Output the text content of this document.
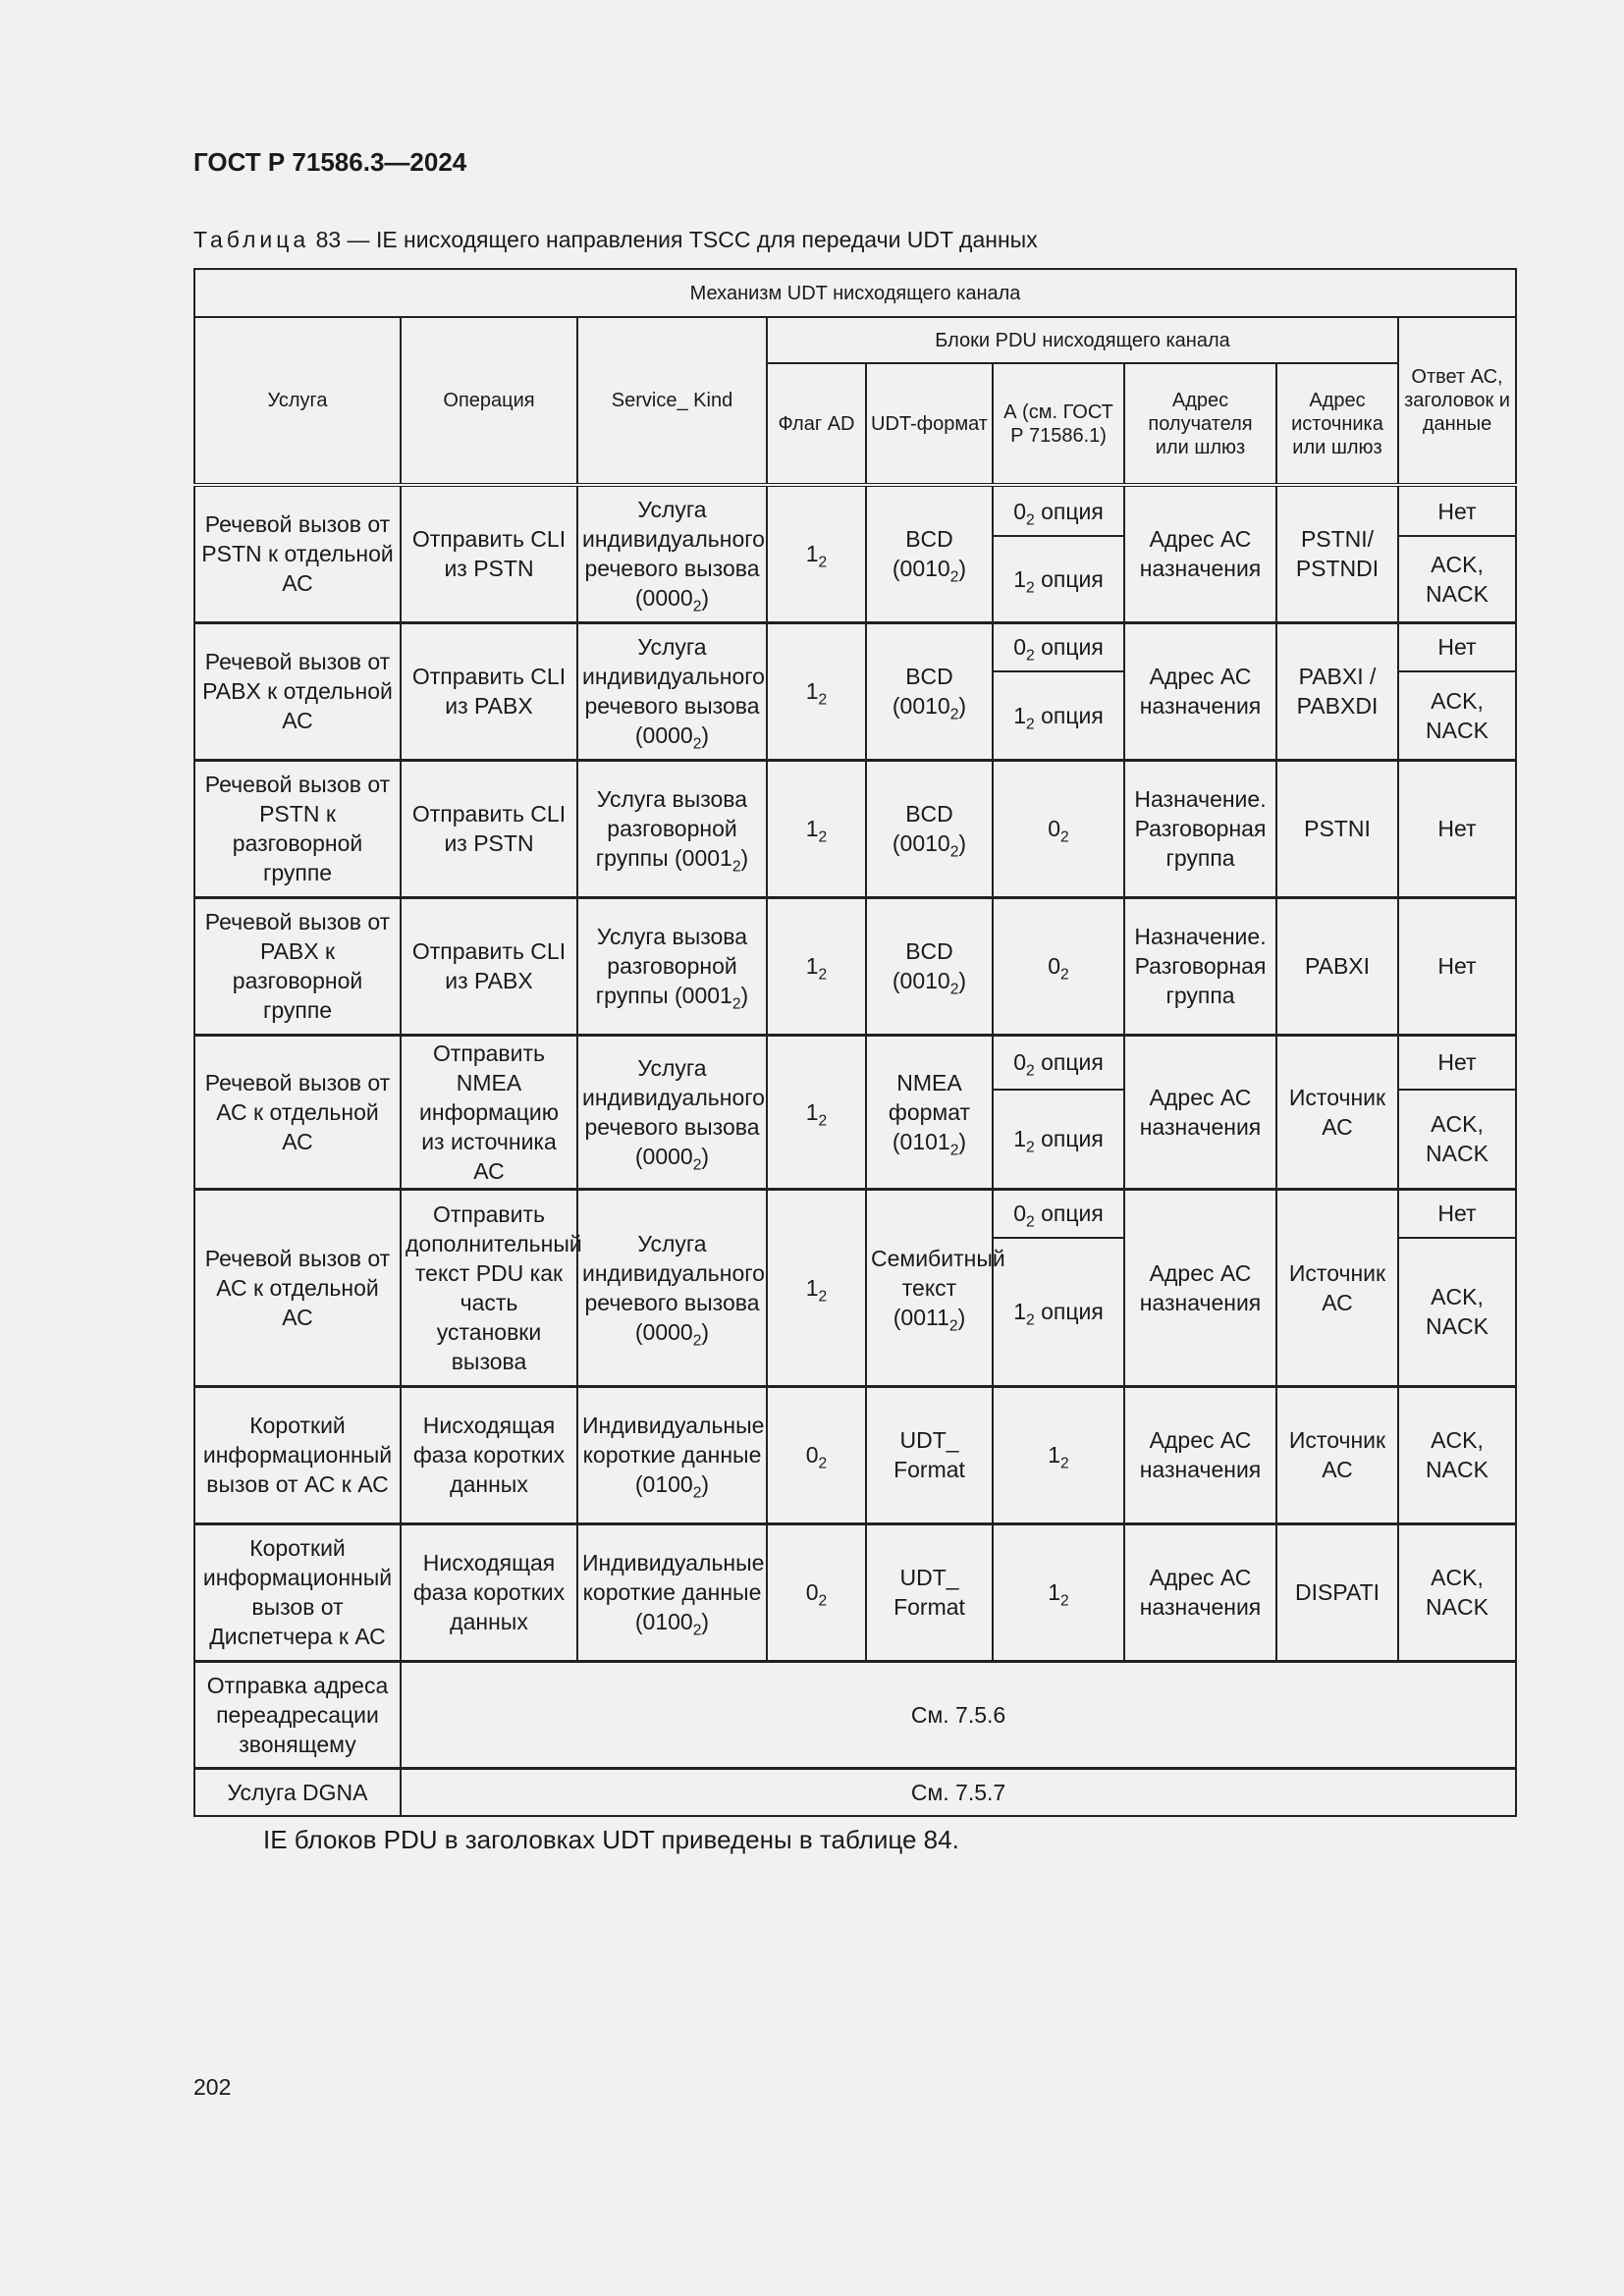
ГОСТ Р 71586.3—2024
Таблица 83 — IE нисходящего направления TSCC для передачи UDT данных
Механизм UDT нисходящего канала								
Услуга	Операция	Service_ Kind	Блоки PDU нисходящего канала					Ответ АС, заголовок и данные
			Флаг AD	UDT-формат	А (см. ГОСТ Р 71586.1)	Адрес получателя или шлюз	Адрес источника или шлюз	
Речевой вызов от PSTN к отдельной АС	Отправить CLI из PSTN	Услуга индивидуального речевого вызова $(0000_2)$	$1_2$	BCD $(0010_2)$	$0_2$ опция	Адрес АС назначения	PSTNI/ PSTNDI	Нет
					$1_2$ опция			ACK, NACK
Речевой вызов от PABX к отдельной АС	Отправить CLI из PABX	Услуга индивидуального речевого вызова $(0000_2)$	$1_2$	BCD $(0010_2)$	$0_2$ опция	Адрес АС назначения	PABXI / PABXDI	Нет
					$1_2$ опция			ACK, NACK
Речевой вызов от PSTN к разговорной группе	Отправить CLI из PSTN	Услуга вызова разговорной группы $(0001_2)$	$1_2$	BCD $(0010_2)$	$0_2$	Назначение. Разговорная группа	PSTNI	Нет
Речевой вызов от PABX к разговорной группе	Отправить CLI из PABX	Услуга вызова разговорной группы $(0001_2)$	$1_2$	BCD $(0010_2)$	$0_2$	Назначение. Разговорная группа	PABXI	Нет
Речевой вызов от АС к отдельной АС	Отправить NMEA информацию из источника АС	Услуга индивидуального речевого вызова $(0000_2)$	$1_2$	NMEA формат $(0101_2)$	$0_2$ опция	Адрес АС назначения	Источник АС	Нет
					$1_2$ опция			ACK, NACK
Речевой вызов от АС к отдельной АС	Отправить дополнительный текст PDU как часть установки вызова	Услуга индивидуального речевого вызова $(0000_2)$	$1_2$	Семибитный текст $(0011_2)$	$0_2$ опция	Адрес АС назначения	Источник АС	Нет
					$1_2$ опция			ACK, NACK
Короткий информационный вызов от АС к АС	Нисходящая фаза коротких данных	Индивидуальные короткие данные $(0100_2)$	$0_2$	UDT_ Format	$1_2$	Адрес АС назначения	Источник АС	ACK, NACK
Короткий информационный вызов от Диспетчера к АС	Нисходящая фаза коротких данных	Индивидуальные короткие данные $(0100_2)$	$0_2$	UDT_ Format	$1_2$	Адрес АС назначения	DISPATI	ACK, NACK
Отправка адреса переадресации звонящему	См. 7.5.6							
Услуга DGNA	См. 7.5.7							
IE блоков PDU в заголовках UDT приведены в таблице 84.
202
